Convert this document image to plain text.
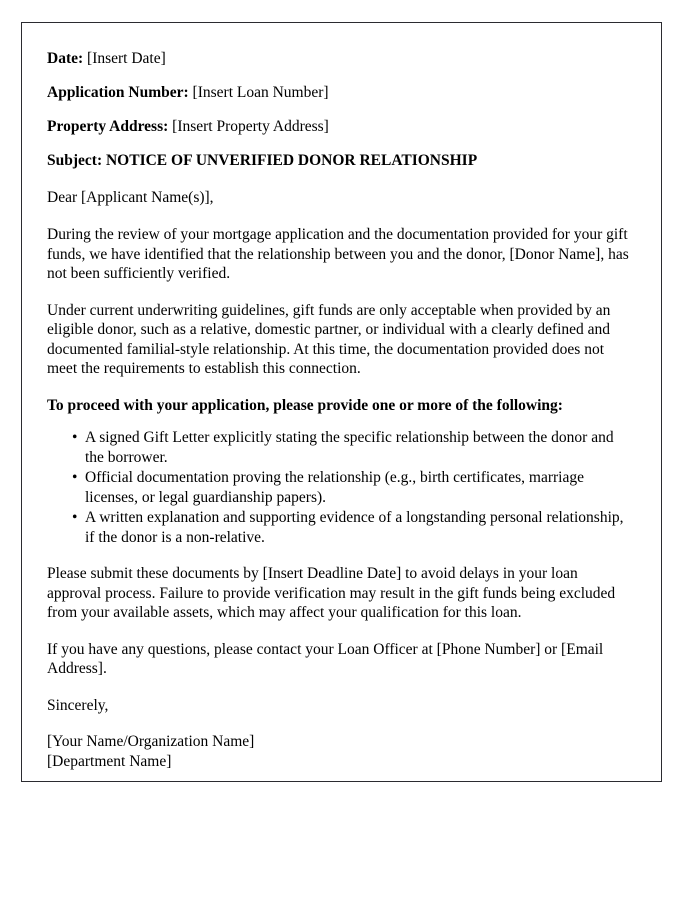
Date: [Insert Date]

Application Number: [Insert Loan Number]

Property Address: [Insert Property Address]

Subject: NOTICE OF UNVERIFIED DONOR RELATIONSHIP

Dear [Applicant Name(s)],

During the review of your mortgage application and the documentation provided for your gift funds, we have identified that the relationship between you and the donor, [Donor Name], has not been sufficiently verified.

Under current underwriting guidelines, gift funds are only acceptable when provided by an eligible donor, such as a relative, domestic partner, or individual with a clearly defined and documented familial-style relationship. At this time, the documentation provided does not meet the requirements to establish this connection.

To proceed with your application, please provide one or more of the following:

• A signed Gift Letter explicitly stating the specific relationship between the donor and the borrower.
• Official documentation proving the relationship (e.g., birth certificates, marriage licenses, or legal guardianship papers).
• A written explanation and supporting evidence of a longstanding personal relationship, if the donor is a non-relative.

Please submit these documents by [Insert Deadline Date] to avoid delays in your loan approval process. Failure to provide verification may result in the gift funds being excluded from your available assets, which may affect your qualification for this loan.

If you have any questions, please contact your Loan Officer at [Phone Number] or [Email Address].

Sincerely,

[Your Name/Organization Name]
[Department Name]
